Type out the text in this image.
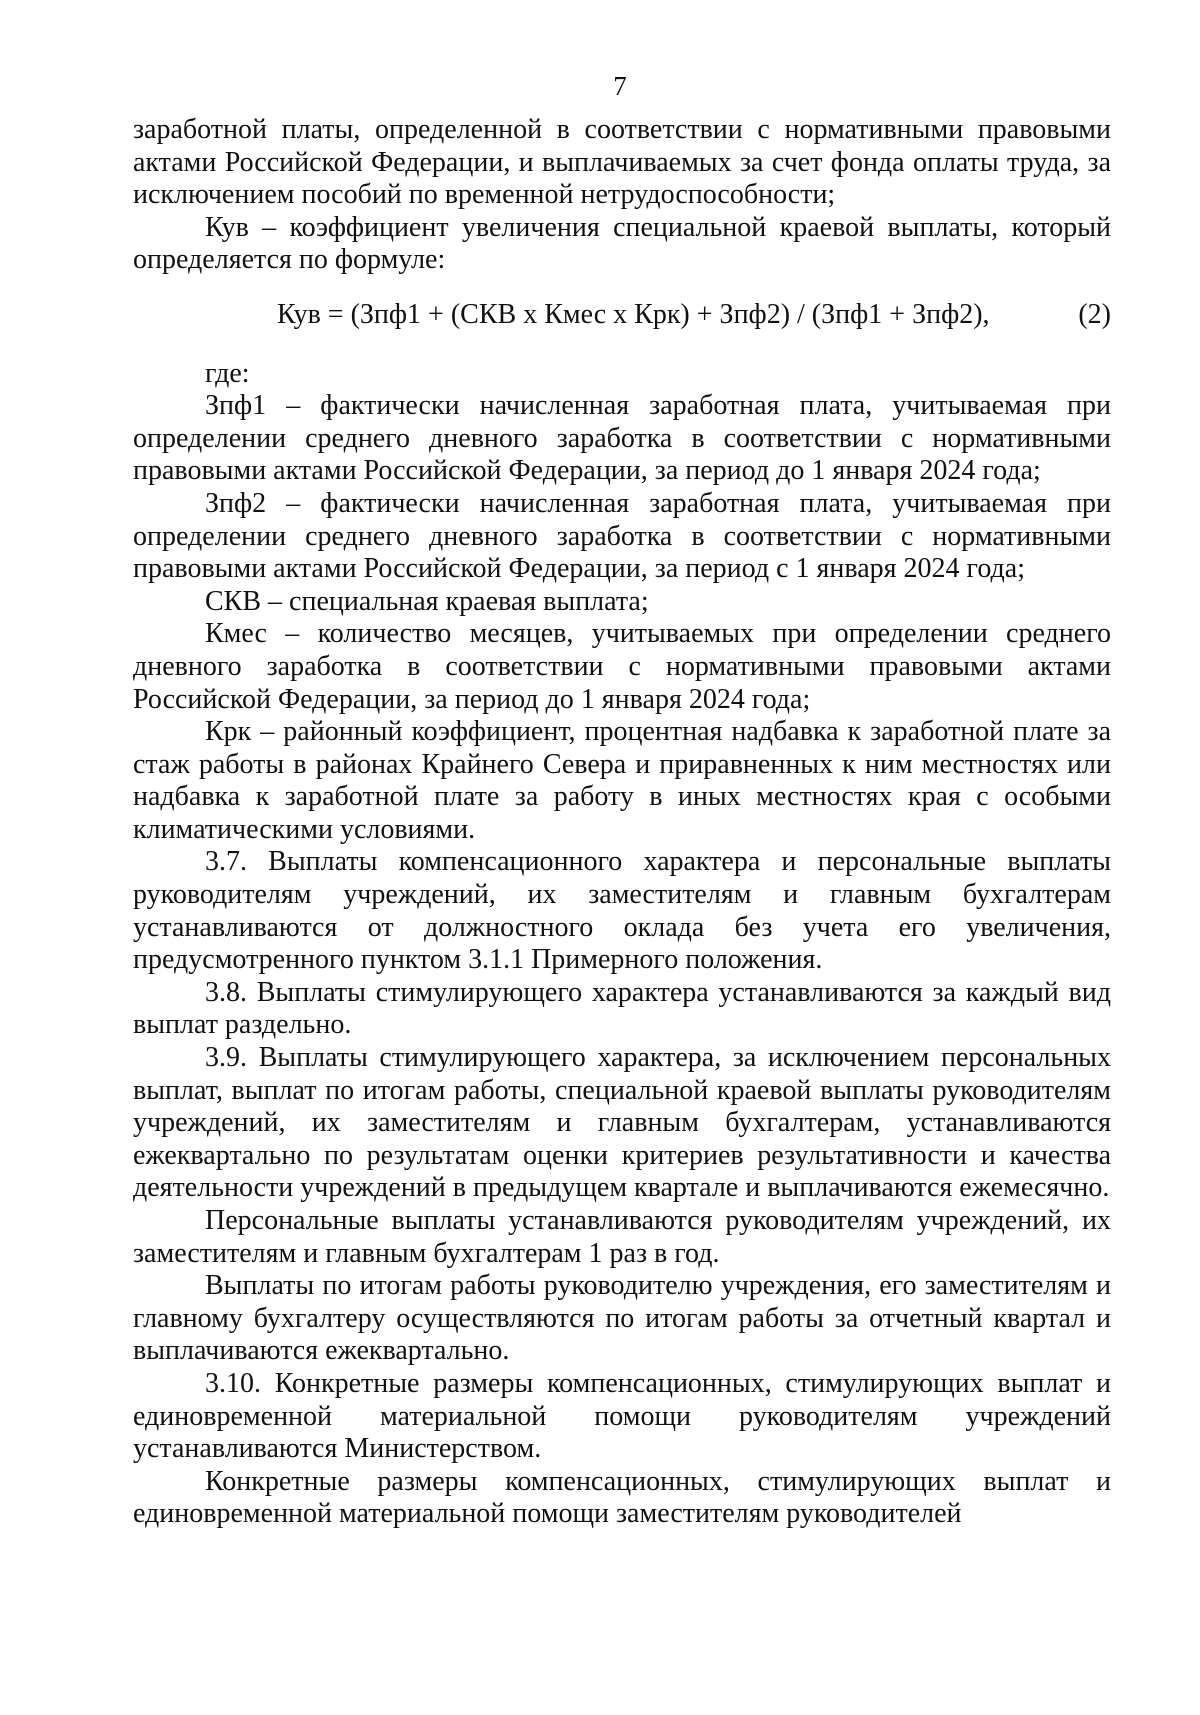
7

заработной платы, определенной в соответствии с нормативными правовыми актами Российской Федерации, и выплачиваемых за счет фонда оплаты труда, за исключением пособий по временной нетрудоспособности;

Кув – коэффициент увеличения специальной краевой выплаты, который определяется по формуле:

Кув = (Зпф1 + (СКВ х Кмес х Крк) + Зпф2) / (Зпф1 + Зпф2),	(2)

где:

Зпф1 – фактически начисленная заработная плата, учитываемая при определении среднего дневного заработка в соответствии с нормативными правовыми актами Российской Федерации, за период до 1 января 2024 года;

Зпф2 – фактически начисленная заработная плата, учитываемая при определении среднего дневного заработка в соответствии с нормативными правовыми актами Российской Федерации, за период с 1 января 2024 года;

СКВ – специальная краевая выплата;

Кмес – количество месяцев, учитываемых при определении среднего дневного заработка в соответствии с нормативными правовыми актами Российской Федерации, за период до 1 января 2024 года;

Крк – районный коэффициент, процентная надбавка к заработной плате за стаж работы в районах Крайнего Севера и приравненных к ним местностях или надбавка к заработной плате за работу в иных местностях края с особыми климатическими условиями.

3.7. Выплаты компенсационного характера и персональные выплаты руководителям учреждений, их заместителям и главным бухгалтерам устанавливаются от должностного оклада без учета его увеличения, предусмотренного пунктом 3.1.1 Примерного положения.

3.8. Выплаты стимулирующего характера устанавливаются за каждый вид выплат раздельно.

3.9. Выплаты стимулирующего характера, за исключением персональных выплат, выплат по итогам работы, специальной краевой выплаты руководителям учреждений, их заместителям и главным бухгалтерам, устанавливаются ежеквартально по результатам оценки критериев результативности и качества деятельности учреждений в предыдущем квартале и выплачиваются ежемесячно.

Персональные выплаты устанавливаются руководителям учреждений, их заместителям и главным бухгалтерам 1 раз в год.

Выплаты по итогам работы руководителю учреждения, его заместителям и главному бухгалтеру осуществляются по итогам работы за отчетный квартал и выплачиваются ежеквартально.

3.10. Конкретные размеры компенсационных, стимулирующих выплат и единовременной материальной помощи руководителям учреждений устанавливаются Министерством.

Конкретные размеры компенсационных, стимулирующих выплат и единовременной материальной помощи заместителям руководителей
